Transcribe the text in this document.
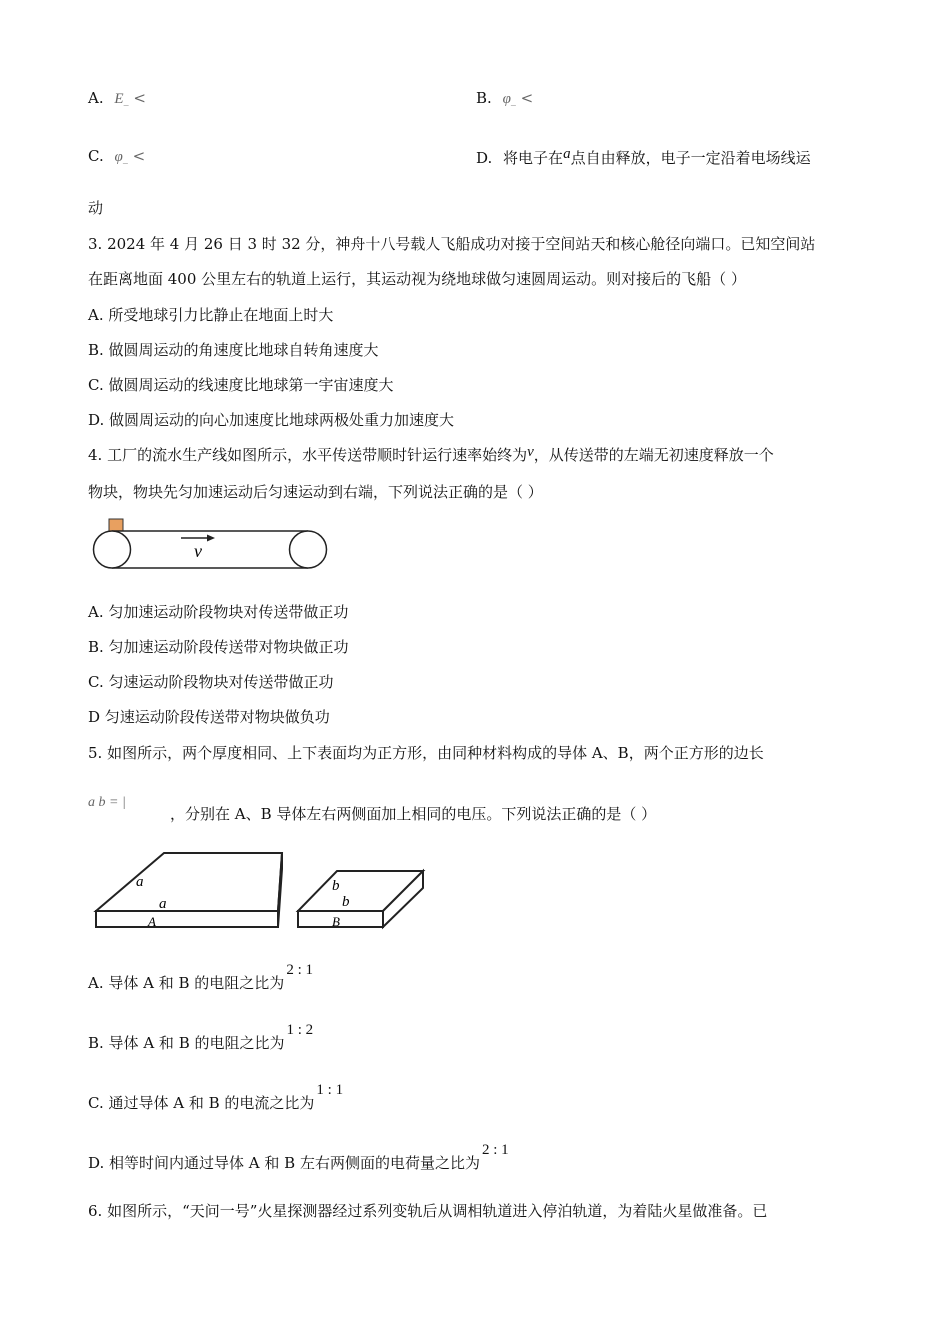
A. E_ <	B. φ_ <
C. φ_ <	D. 将电子在a点自由释放，电子一定沿着电场线运
动
3. 2024 年 4 月 26 日 3 时 32 分，神舟十八号载人飞船成功对接于空间站天和核心舱径向端口。已知空间站
在距离地面 400 公里左右的轨道上运行，其运动视为绕地球做匀速圆周运动。则对接后的飞船（ ）
A. 所受地球引力比静止在地面上时大
B. 做圆周运动的角速度比地球自转角速度大
C. 做圆周运动的线速度比地球第一宇宙速度大
D. 做圆周运动的向心加速度比地球两极处重力加速度大
4. 工厂的流水生产线如图所示，水平传送带顺时针运行速率始终为v，从传送带的左端无初速度释放一个
物块，物块先匀加速运动后匀速运动到右端，下列说法正确的是（ ）
v
A. 匀加速运动阶段物块对传送带做正功
B. 匀加速运动阶段传送带对物块做正功
C. 匀速运动阶段物块对传送带做正功
D 匀速运动阶段传送带对物块做负功
5. 如图所示，两个厚度相同、上下表面均为正方形，由同种材料构成的导体 A、B，两个正方形的边长
a b = |
，分别在 A、B 导体左右两侧面加上相同的电压。下列说法正确的是（ ）
a
a
A
b
b
B
A. 导体 A 和 B 的电阻之比为2 : 1
B. 导体 A 和 B 的电阻之比为1 : 2
C. 通过导体 A 和 B 的电流之比为1 : 1
D. 相等时间内通过导体 A 和 B 左右两侧面的电荷量之比为2 : 1
6. 如图所示，“天问一号”火星探测器经过系列变轨后从调相轨道进入停泊轨道，为着陆火星做准备。已
